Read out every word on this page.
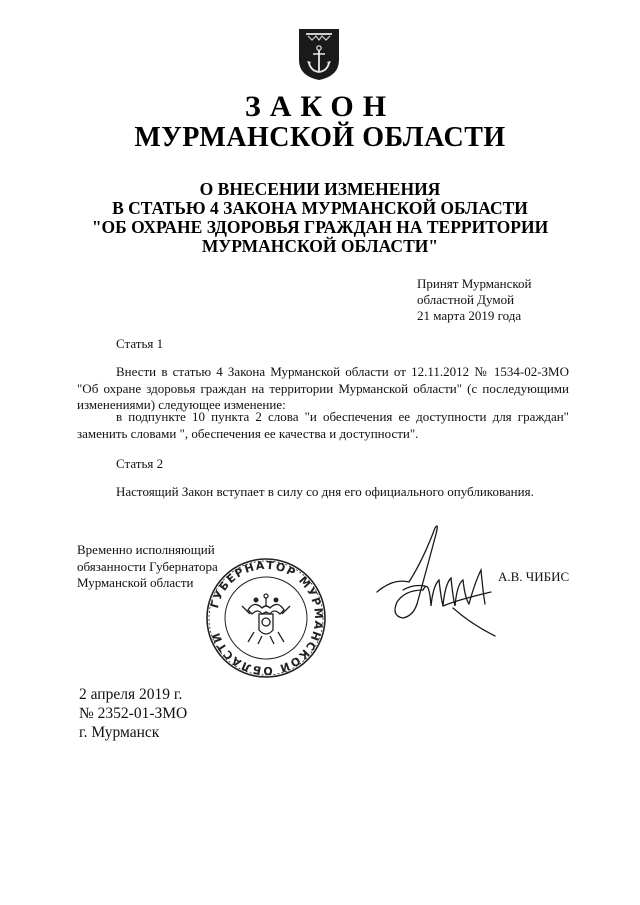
ЗАКОН
МУРМАНСКОЙ ОБЛАСТИ
О ВНЕСЕНИИ ИЗМЕНЕНИЯ
В СТАТЬЮ 4 ЗАКОНА МУРМАНСКОЙ ОБЛАСТИ
"ОБ ОХРАНЕ ЗДОРОВЬЯ ГРАЖДАН НА ТЕРРИТОРИИ
МУРМАНСКОЙ ОБЛАСТИ"
Принят Мурманской
областной Думой
21 марта 2019 года
Статья 1
Внести в статью 4 Закона Мурманской области от 12.11.2012 № 1534-02-ЗМО "Об охране здоровья граждан на территории Мурманской области" (с последующими изменениями) следующее изменение:
в подпункте 10 пункта 2 слова "и обеспечения ее доступности для граждан" заменить словами ", обеспечения ее качества и доступности".
Статья 2
Настоящий Закон вступает в силу со дня его официального опубликования.
Временно исполняющий
обязанности Губернатора
Мурманской области
ГУБЕРНАТОР МУРМАНСКОЙ ОБЛАСТИ
А.В. ЧИБИС
2 апреля 2019 г.
№ 2352-01-ЗМО
г. Мурманск
